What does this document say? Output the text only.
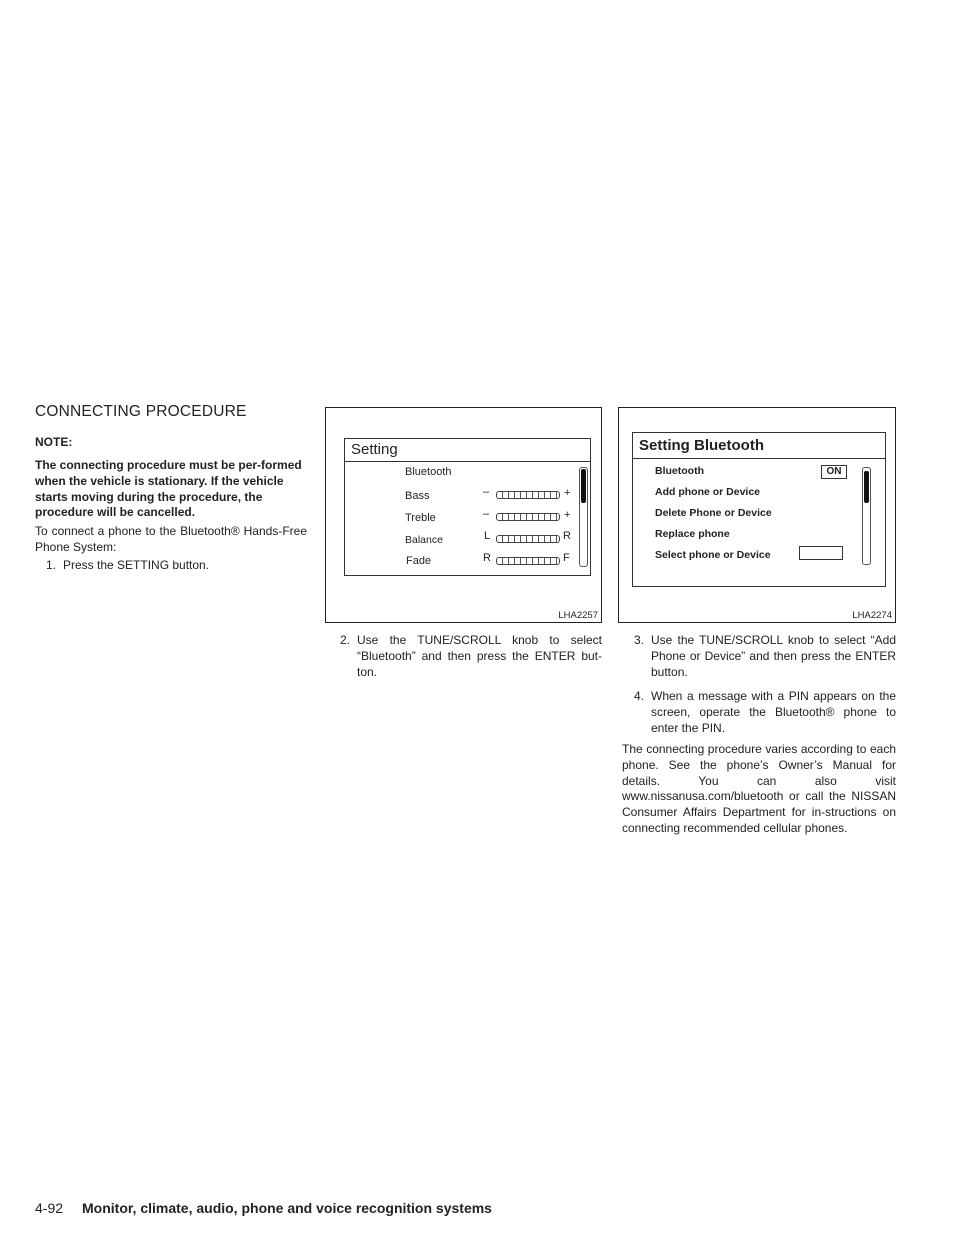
CONNECTING PROCEDURE
NOTE:
The connecting procedure must be per-formed when the vehicle is stationary. If the vehicle starts moving during the procedure, the procedure will be cancelled.
To connect a phone to the Bluetooth® Hands-Free Phone System:
1. Press the SETTING button.
Setting
Bluetooth
Bass	–	+
Treble	–	+
Balance	L	R
Fade	R	F
LHA2257
2. Use the TUNE/SCROLL knob to select “Bluetooth” and then press the ENTER but-ton.
Setting Bluetooth
Bluetooth	ON
Add phone or Device
Delete Phone or Device
Replace phone
Select phone or Device
LHA2274
3. Use the TUNE/SCROLL knob to select “Add Phone or Device” and then press the ENTER button.
4. When a message with a PIN appears on the screen, operate the Bluetooth® phone to enter the PIN.
The connecting procedure varies according to each phone. See the phone’s Owner’s Manual for details. You can also visit www.nissanusa.com/bluetooth or call the NISSAN Consumer Affairs Department for in-structions on connecting recommended cellular phones.
4-92 Monitor, climate, audio, phone and voice recognition systems
